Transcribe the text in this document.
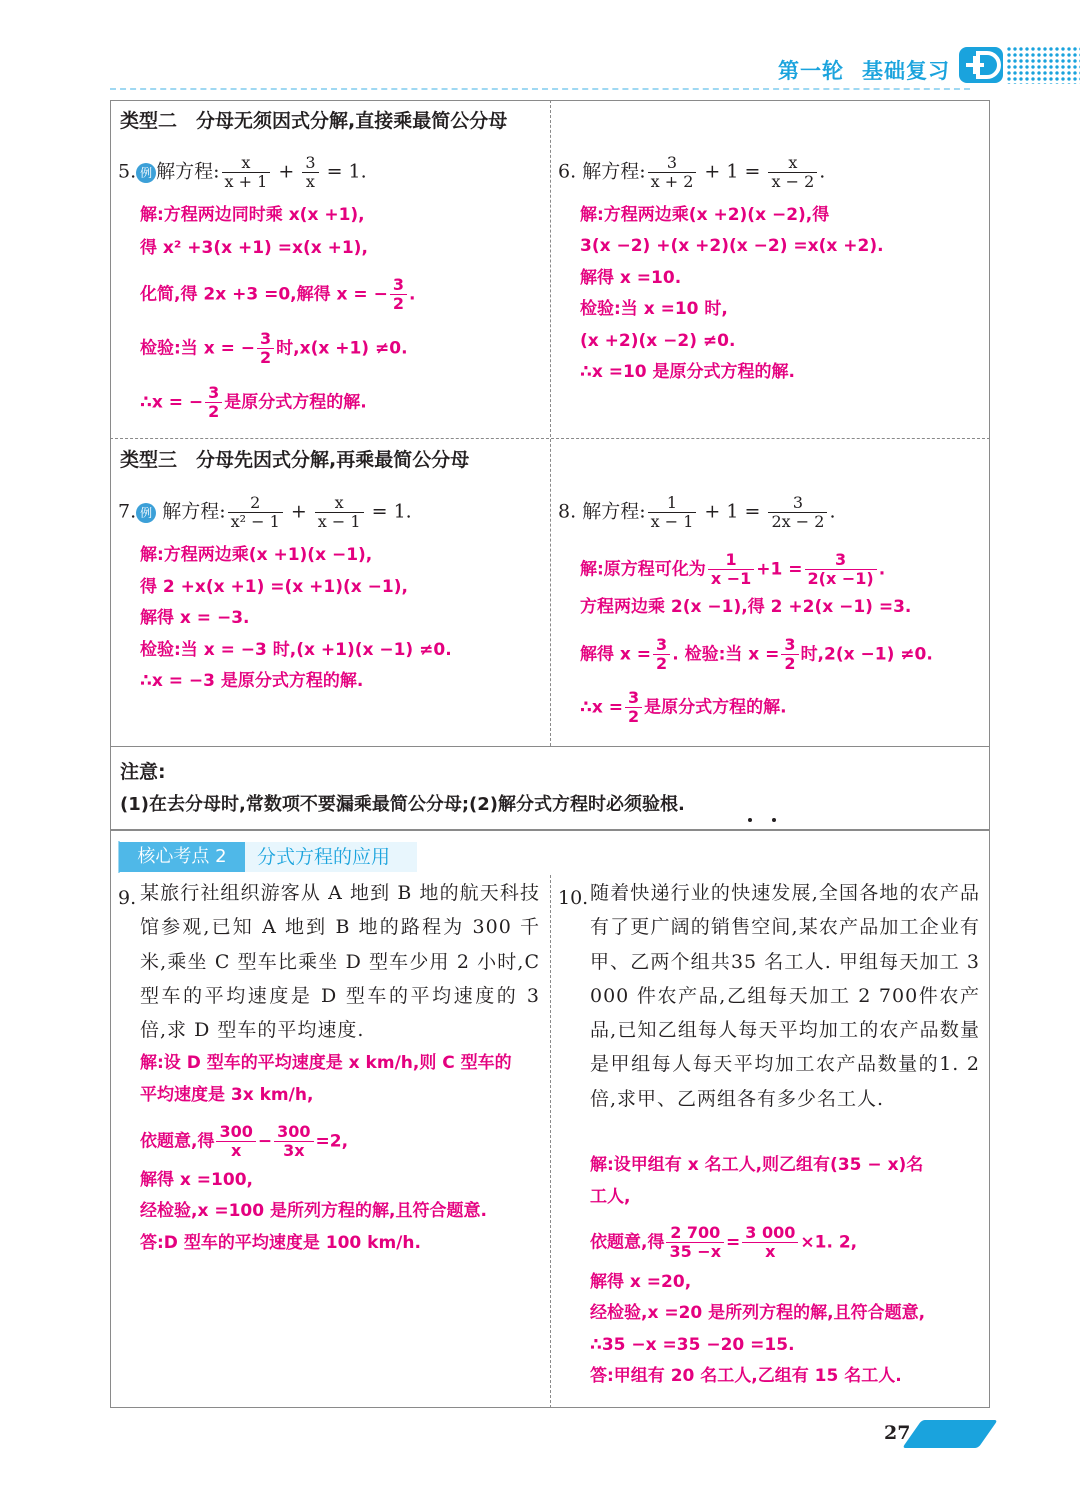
第一轮 基础复习
类型二　分母无须因式分解,直接乘最简公分母
5. 例 解方程: $\frac{x}{x + 1} + \frac{3}{x} = 1$.
解:方程两边同时乘 x(x +1),
得 x² +3(x +1) =x(x +1),
化简,得 2x +3 =0,解得 x = − $\frac{3}{2}$ .
检验:当 x = − $\frac{3}{2}$ 时,x(x +1) ≠0.
∴x = − $\frac{3}{2}$ 是原分式方程的解.
6. 解方程: $\frac{3}{x + 2} + 1 = \frac{x}{x - 2}$ .
解:方程两边乘(x +2)(x −2),得
3(x −2) +(x +2)(x −2) =x(x +2).
解得 x =10.
检验:当 x =10 时,
(x +2)(x −2) ≠0.
∴x =10 是原分式方程的解.
类型三　分母先因式分解,再乘最简公分母
7. 例 解方程: $\frac{2}{\text{x² − 1}} + \frac{x}{x - 1} = 1$.
解:方程两边乘(x +1)(x −1),
得 2 +x(x +1) =(x +1)(x −1),
解得 x = −3.
检验:当 x = −3 时,(x +1)(x −1) ≠0.
∴x = −3 是原分式方程的解.
8. 解方程: $\frac{1}{x - 1} + 1 = \frac{3}{2x - 2}$ .
解:原方程可化为 $\frac{1}{x -1} +1 = \frac{3}{2(x -1)}$ .
方程两边乘 2(x −1),得 2 +2(x −1) =3.
解得 $x = \frac{3}{2}$ . 检验:当 $x = \frac{3}{2}$ 时,2(x −1) ≠0.
∴x = $\frac{3}{2}$ 是原分式方程的解.
注意:
(1)在去分母时,常数项不要漏乘最简公分母;(2)解分式方程时必须验根.
核心考点 2	分式方程的应用
9. 某旅行社组织游客从 A 地到 B 地的航天科技馆参观,已知 A 地到 B 地的路程为 300 千米,乘坐 C 型车比乘坐 D 型车少用 2 小时,C 型车的平均速度是 D 型车的平均速度的 3 倍,求 D 型车的平均速度.
解:设 D 型车的平均速度是 x km/h,则 C 型车的
平均速度是 3x km/h,
依题意,得 $\frac{300}{x} - \frac{300}{3x} =2$,
解得 x =100,
经检验,x =100 是所列方程的解,且符合题意.
答:D 型车的平均速度是 100 km/h.
10. 随着快递行业的快速发展,全国各地的农产品有了更广阔的销售空间,某农产品加工企业有甲、乙两个组共35 名工人. 甲组每天加工 3 000 件农产品,乙组每天加工 2 700件农产品,已知乙组每人每天平均加工的农产品数量是甲组每人每天平均加工农产品数量的1. 2倍,求甲、乙两组各有多少名工人.
解:设甲组有 x 名工人,则乙组有(35 − x)名
工人,
依题意,得 $\frac{2 700}{35 -x} = \frac{3 000}{x} \times 1$. 2,
解得 x =20,
经检验,x =20 是所列方程的解,且符合题意,
∴35 −x =35 −20 =15.
答:甲组有 20 名工人,乙组有 15 名工人.
27
